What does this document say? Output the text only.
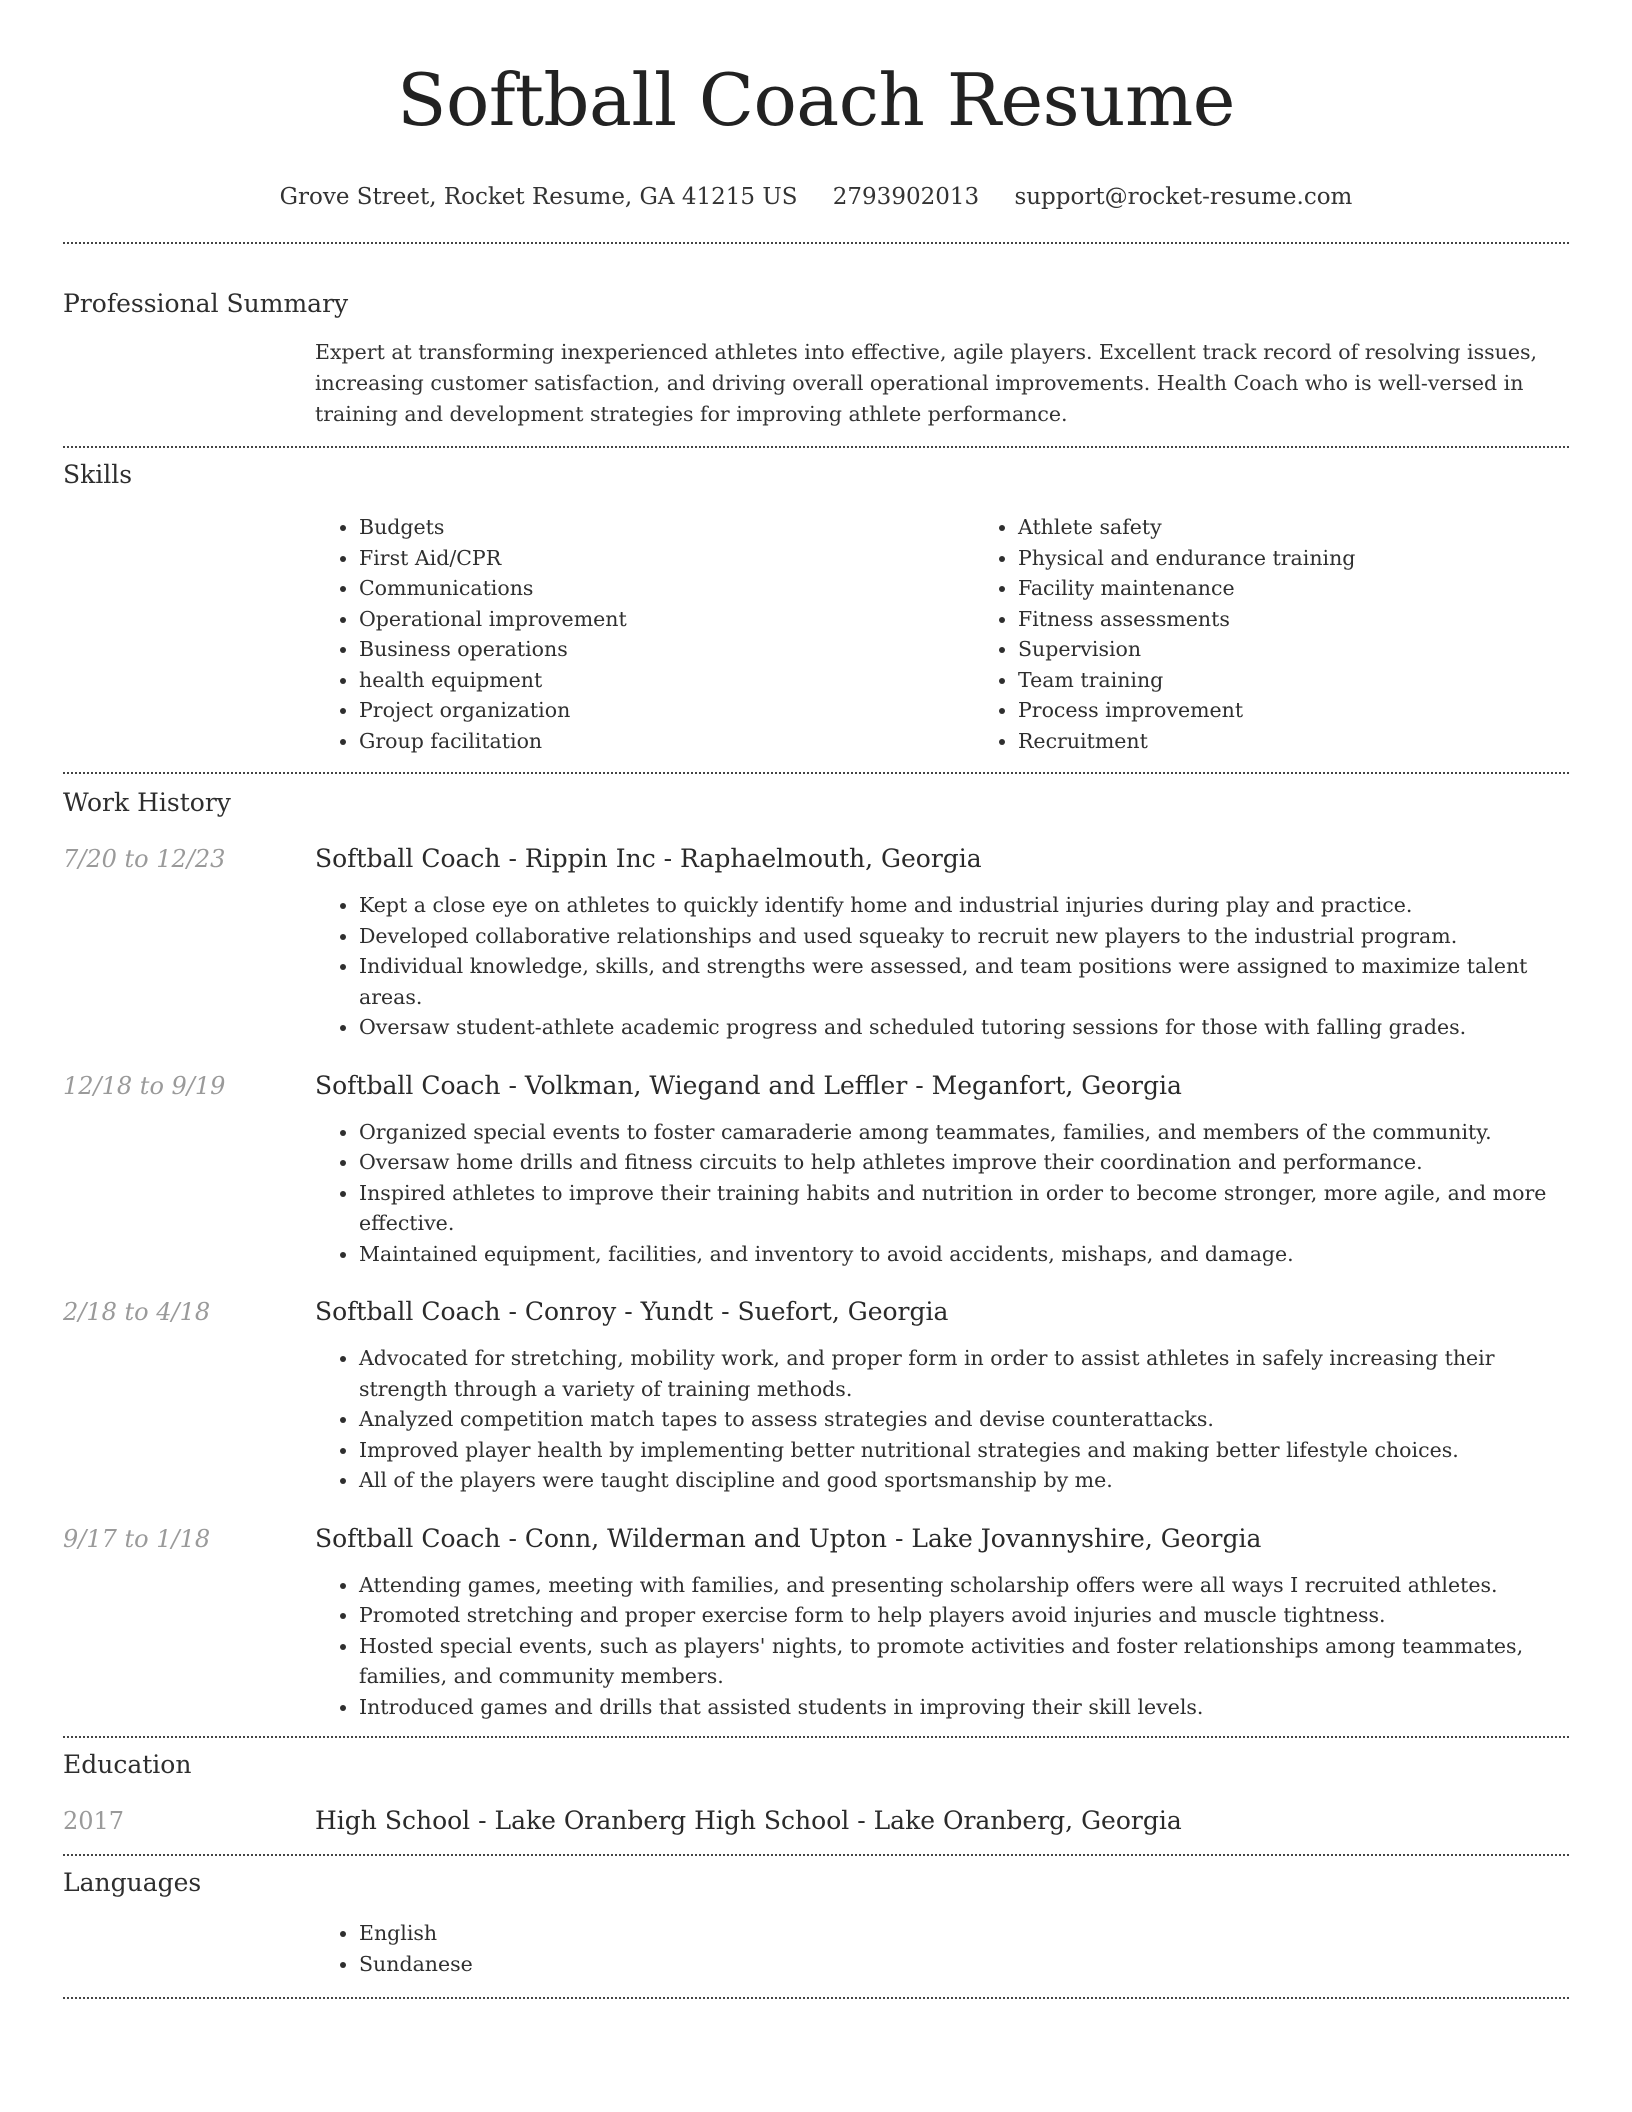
Softball Coach Resume
Grove Street, Rocket Resume, GA 41215 US 2793902013 support@rocket-resume.com
Professional Summary

Expert at transforming inexperienced athletes into effective, agile players. Excellent track record of resolving issues, increasing customer satisfaction, and driving overall operational improvements. Health Coach who is well-versed in training and development strategies for improving athlete performance.

Skills
• Budgets
• First Aid/CPR
• Communications
• Operational improvement
• Business operations
• health equipment
• Project organization
• Group facilitation
• Athlete safety
• Physical and endurance training
• Facility maintenance
• Fitness assessments
• Supervision
• Team training
• Process improvement
• Recruitment
Work History
7/20 to 12/23	Softball Coach - Rippin Inc - Raphaelmouth, Georgia
• Kept a close eye on athletes to quickly identify home and industrial injuries during play and practice.
• Developed collaborative relationships and used squeaky to recruit new players to the industrial program.
• Individual knowledge, skills, and strengths were assessed, and team positions were assigned to maximize talent areas.
• Oversaw student-athlete academic progress and scheduled tutoring sessions for those with falling grades.
12/18 to 9/19	Softball Coach - Volkman, Wiegand and Leffler - Meganfort, Georgia
• Organized special events to foster camaraderie among teammates, families, and members of the community.
• Oversaw home drills and fitness circuits to help athletes improve their coordination and performance.
• Inspired athletes to improve their training habits and nutrition in order to become stronger, more agile, and more effective.
• Maintained equipment, facilities, and inventory to avoid accidents, mishaps, and damage.
2/18 to 4/18	Softball Coach - Conroy - Yundt - Suefort, Georgia
• Advocated for stretching, mobility work, and proper form in order to assist athletes in safely increasing their strength through a variety of training methods.
• Analyzed competition match tapes to assess strategies and devise counterattacks.
• Improved player health by implementing better nutritional strategies and making better lifestyle choices.
• All of the players were taught discipline and good sportsmanship by me.
9/17 to 1/18	Softball Coach - Conn, Wilderman and Upton - Lake Jovannyshire, Georgia
• Attending games, meeting with families, and presenting scholarship offers were all ways I recruited athletes.
• Promoted stretching and proper exercise form to help players avoid injuries and muscle tightness.
• Hosted special events, such as players' nights, to promote activities and foster relationships among teammates, families, and community members.
• Introduced games and drills that assisted students in improving their skill levels.
Education
2017	High School - Lake Oranberg High School - Lake Oranberg, Georgia
Languages
• English
• Sundanese
